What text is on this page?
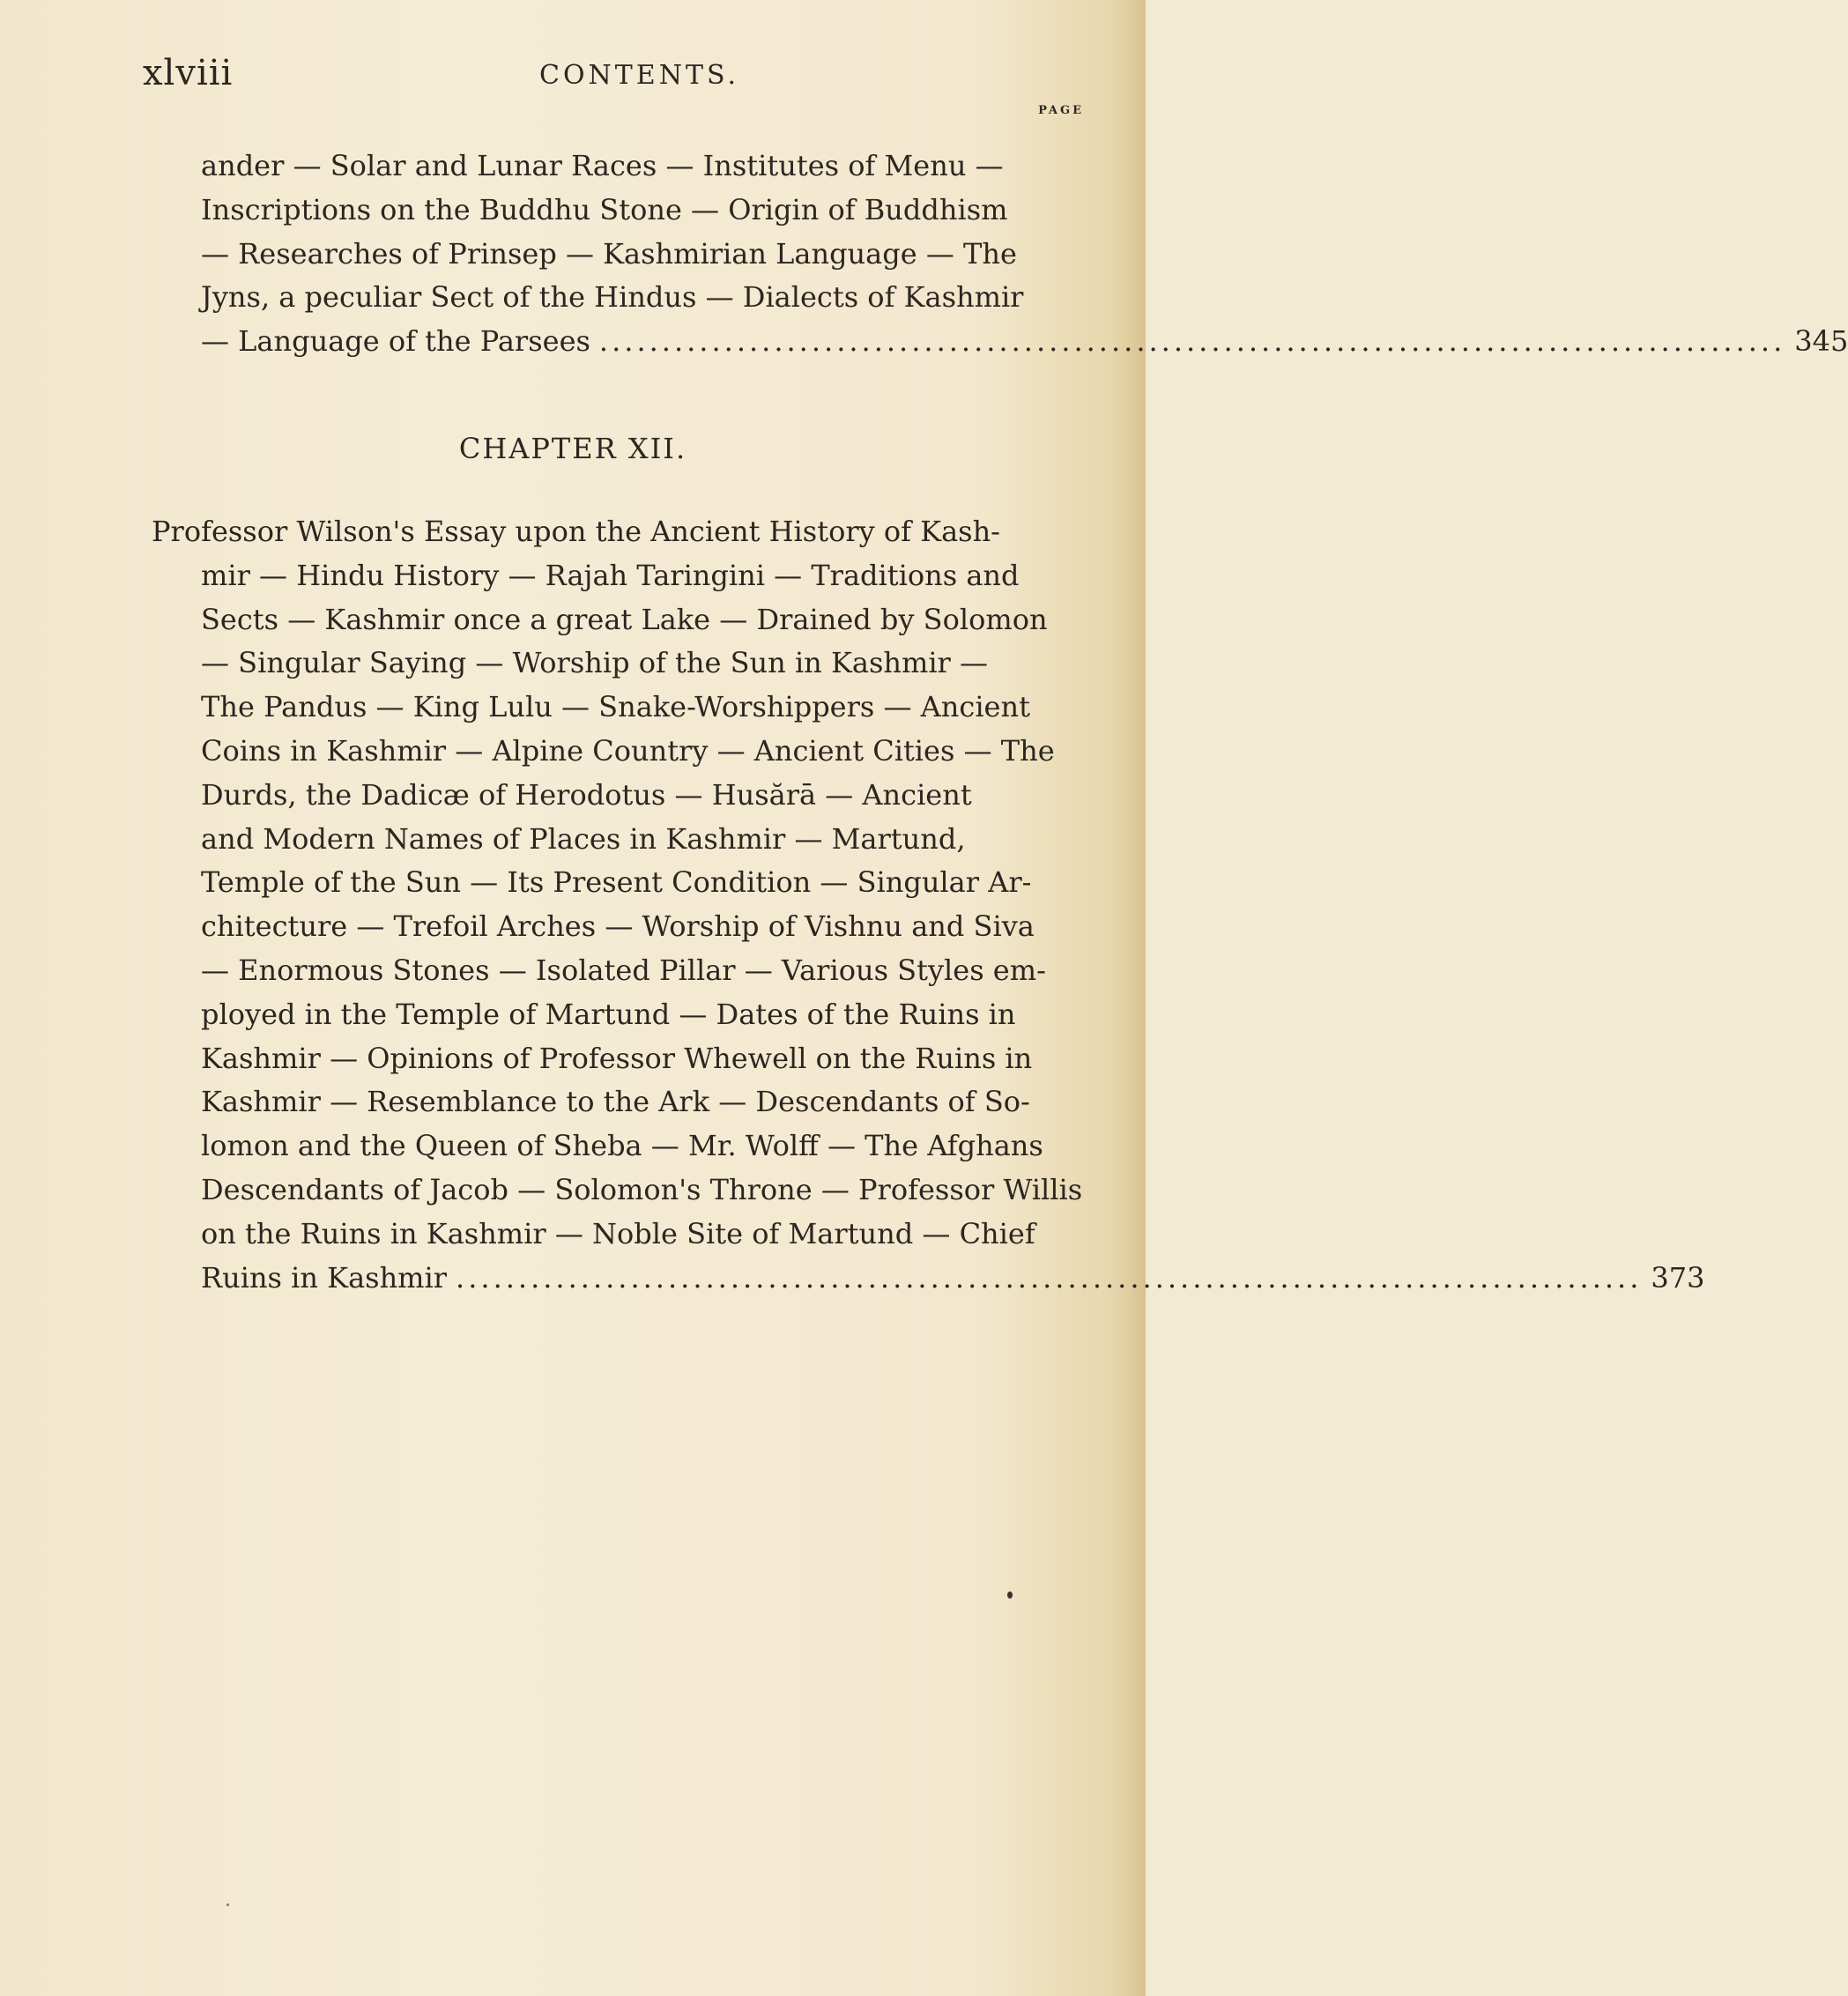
xlviii	CONTENTS.
PAGE
ander — Solar and Lunar Races — Institutes of Menu —
Inscriptions on the Buddhu Stone — Origin of Buddhism
— Researches of Prinsep — Kashmirian Language — The
Jyns, a peculiar Sect of the Hindus — Dialects of Kashmir
— Language of the Parsees ............................................................................................... 345
CHAPTER XII.
Professor Wilson's Essay upon the Ancient History of Kash-
mir — Hindu History — Rajah Taringini — Traditions and
Sects — Kashmir once a great Lake — Drained by Solomon
— Singular Saying — Worship of the Sun in Kashmir —
The Pandus — King Lulu — Snake-Worshippers — Ancient
Coins in Kashmir — Alpine Country — Ancient Cities — The
Durds, the Dadicæ of Herodotus — Husărā — Ancient
and Modern Names of Places in Kashmir — Martund,
Temple of the Sun — Its Present Condition — Singular Ar-
chitecture — Trefoil Arches — Worship of Vishnu and Siva
— Enormous Stones — Isolated Pillar — Various Styles em-
ployed in the Temple of Martund — Dates of the Ruins in
Kashmir — Opinions of Professor Whewell on the Ruins in
Kashmir — Resemblance to the Ark — Descendants of So-
lomon and the Queen of Sheba — Mr. Wolff — The Afghans
Descendants of Jacob — Solomon's Throne — Professor Willis
on the Ruins in Kashmir — Noble Site of Martund — Chief
Ruins in Kashmir ............................................................................................... 373
